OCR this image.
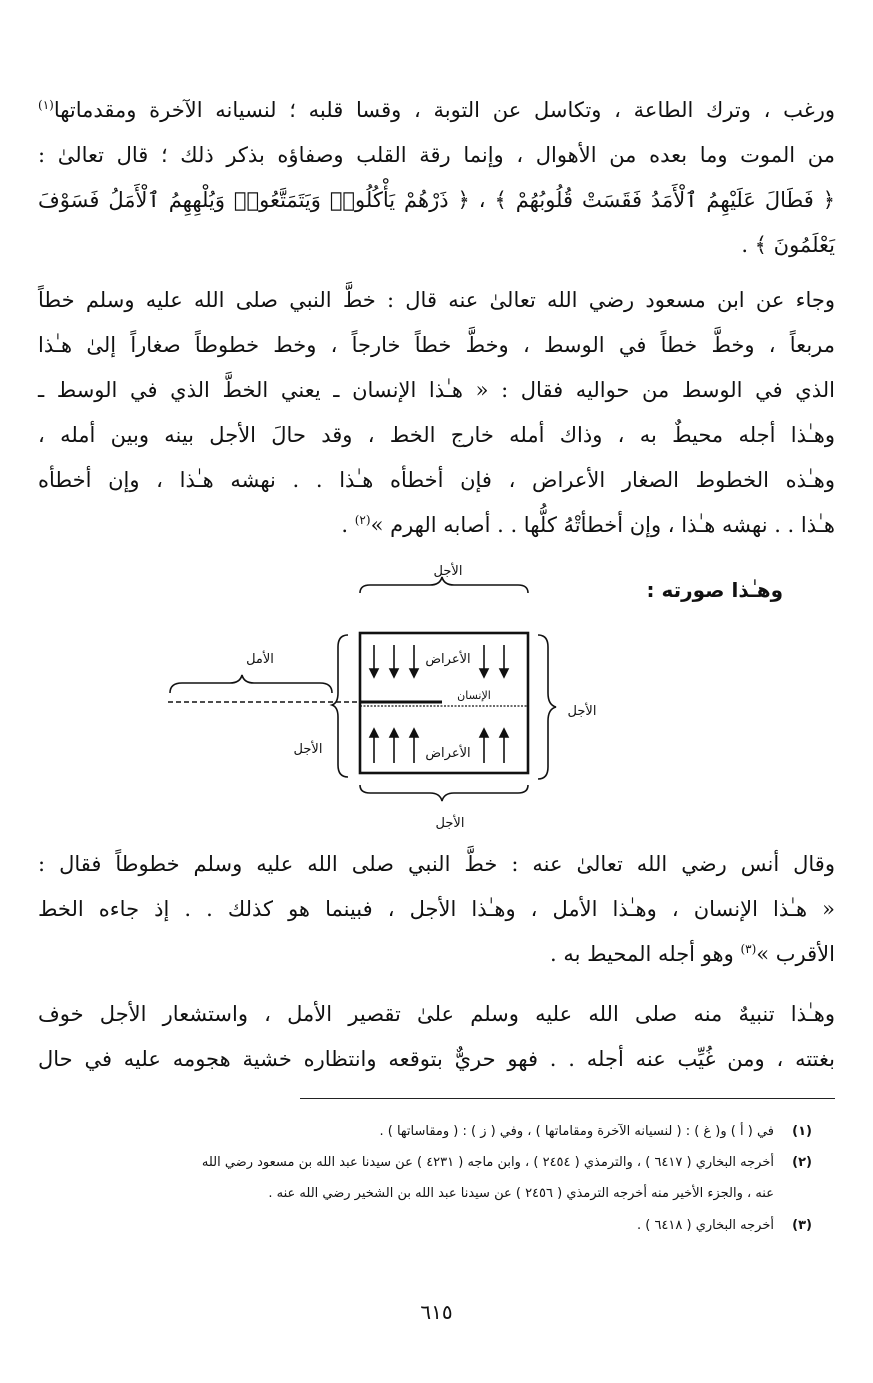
ورغب ، وترك الطاعة ، وتكاسل عن التوبة ، وقسا قلبه ؛ لنسيانه الآخرة ومقدماتها$^{(١)}$
من الموت وما بعده من الأهوال ، وإنما رقة القلب وصفاؤه بذكر ذلك ؛ قال تعالىٰ :
﴿ فَطَالَ عَلَيْهِمُ ٱلْأَمَدُ فَقَسَتْ قُلُوبُهُمْ ﴾ ، ﴿ ذَرْهُمْ يَأْكُلُوا۟ وَيَتَمَتَّعُوا۟ وَيُلْهِهِمُ ٱلْأَمَلُ فَسَوْفَ
يَعْلَمُونَ ﴾ .
وجاء عن ابن مسعود رضي الله تعالىٰ عنه قال : خطَّ النبي صلى الله عليه وسلم خطاً
مربعاً ، وخطَّ خطاً في الوسط ، وخطَّ خطاً خارجاً ، وخط خطوطاً صغاراً إلىٰ هـٰذا
الذي في الوسط من حواليه فقال : « هـٰذا الإنسان ـ يعني الخطَّ الذي في الوسط ـ
وهـٰذا أجله محيطٌ به ، وذاك أمله خارج الخط ، وقد حالَ الأجل بينه وبين أمله ،
وهـٰذه الخطوط الصغار الأعراض ، فإن أخطأه هـٰذا . . نهشه هـٰذا ، وإن أخطأه
هـٰذا . . نهشه هـٰذا ، وإن أخطأتْهُ كلُّها . . أصابه الهرم »$^{(٢)}$ .
وهـٰذا صورته :
الأجل
الأجل
الأجل
الأجل
الأمل
الإنسان
الأعراض
الأعراض
وقال أنس رضي الله تعالىٰ عنه : خطَّ النبي صلى الله عليه وسلم خطوطاً فقال :
« هـٰذا الإنسان ، وهـٰذا الأمل ، وهـٰذا الأجل ، فبينما هو كذلك . . إذ جاءه الخط
الأقرب »$^{(٣)}$ وهو أجله المحيط به .
وهـٰذا تنبيهٌ منه صلى الله عليه وسلم علىٰ تقصير الأمل ، واستشعار الأجل خوف
بغتته ، ومن غُيِّب عنه أجله . . فهو حريٌّ بتوقعه وانتظاره خشية هجومه عليه في حال
(١)في ( أ ) و( غ ) : ( لنسيانه الآخرة ومقاماتها ) ، وفي ( ز ) : ( ومقاساتها ) .
(٢)أخرجه البخاري ( ٦٤١٧ ) ، والترمذي ( ٢٤٥٤ ) ، وابن ماجه ( ٤٢٣١ ) عن سيدنا عبد الله بن مسعود رضي الله
عنه ، والجزء الأخير منه أخرجه الترمذي ( ٢٤٥٦ ) عن سيدنا عبد الله بن الشخير رضي الله عنه .
(٣)أخرجه البخاري ( ٦٤١٨ ) .
٦١٥
